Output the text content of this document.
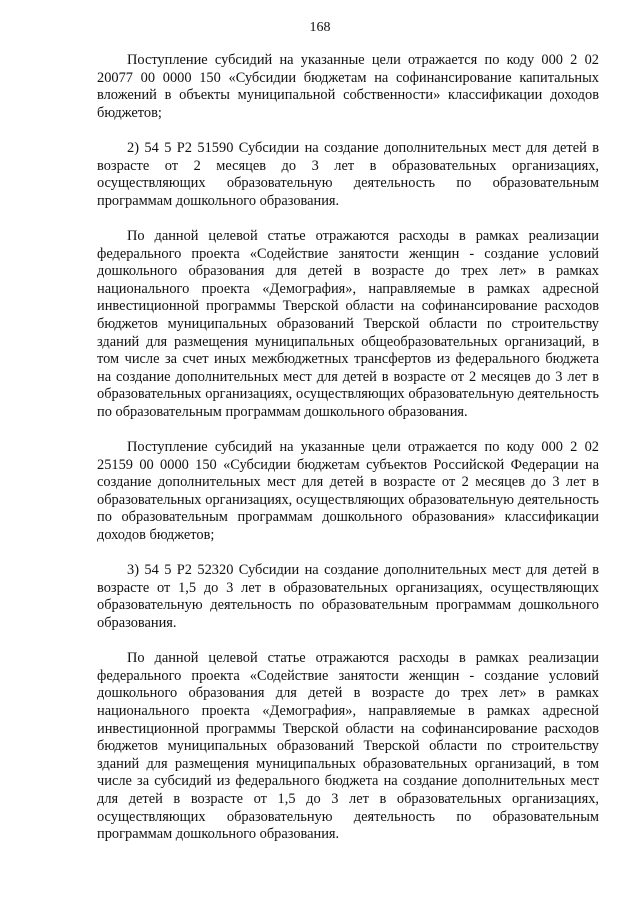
168

Поступление субсидий на указанные цели отражается по коду 000 2 02 20077 00 0000 150 «Субсидии бюджетам на софинансирование капитальных вложений в объекты муниципальной собственности» классификации доходов бюджетов;

2) 54 5 Р2 51590 Субсидии на создание дополнительных мест для детей в возрасте от 2 месяцев до 3 лет в образовательных организациях, осуществляющих образовательную деятельность по образовательным программам дошкольного образования.

По данной целевой статье отражаются расходы в рамках реализации федерального проекта «Содействие занятости женщин - создание условий дошкольного образования для детей в возрасте до трех лет» в рамках национального проекта «Демография», направляемые в рамках адресной инвестиционной программы Тверской области на софинансирование расходов бюджетов муниципальных образований Тверской области по строительству зданий для размещения муниципальных общеобразовательных организаций, в том числе за счет иных межбюджетных трансфертов из федерального бюджета на создание дополнительных мест для детей в возрасте от 2 месяцев до 3 лет в образовательных организациях, осуществляющих образовательную деятельность по образовательным программам дошкольного образования.

Поступление субсидий на указанные цели отражается по коду 000 2 02 25159 00 0000 150 «Субсидии бюджетам субъектов Российской Федерации на создание дополнительных мест для детей в возрасте от 2 месяцев до 3 лет в образовательных организациях, осуществляющих образовательную деятельность по образовательным программам дошкольного образования» классификации доходов бюджетов;

3) 54 5 Р2 52320 Субсидии на создание дополнительных мест для детей в возрасте от 1,5 до 3 лет в образовательных организациях, осуществляющих образовательную деятельность по образовательным программам дошкольного образования.

По данной целевой статье отражаются расходы в рамках реализации федерального проекта «Содействие занятости женщин - создание условий дошкольного образования для детей в возрасте до трех лет» в рамках национального проекта «Демография», направляемые в рамках адресной инвестиционной программы Тверской области на софинансирование расходов бюджетов муниципальных образований Тверской области по строительству зданий для размещения муниципальных образовательных организаций, в том числе за субсидий из федерального бюджета на создание дополнительных мест для детей в возрасте от 1,5 до 3 лет в образовательных организациях, осуществляющих образовательную деятельность по образовательным программам дошкольного образования.
